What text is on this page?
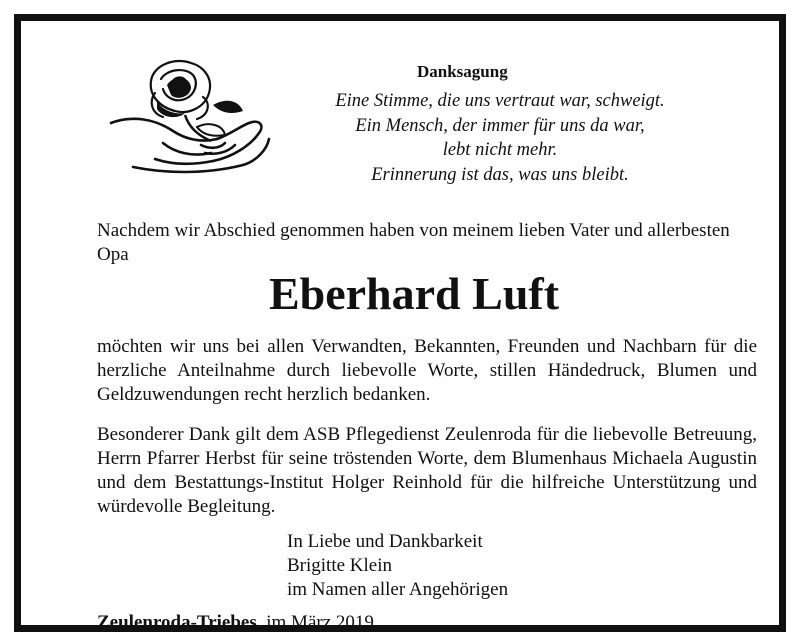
Danksagung
Eine Stimme, die uns vertraut war, schweigt.
Ein Mensch, der immer für uns da war,
lebt nicht mehr.
Erinnerung ist das, was uns bleibt.
Nachdem wir Abschied genommen haben von meinem lieben Vater und allerbesten Opa
Eberhard Luft
möchten wir uns bei allen Verwandten, Bekannten, Freunden und Nachbarn für die herzliche Anteilnahme durch liebevolle Worte, stillen Händedruck, Blumen und Geldzuwendungen recht herzlich bedanken.
Besonderer Dank gilt dem ASB Pflegedienst Zeulenroda für die liebevolle Betreuung, Herrn Pfarrer Herbst für seine tröstenden Worte, dem Blumenhaus Michaela Augustin und dem Bestattungs-Institut Holger Reinhold für die hilfreiche Unterstützung und würdevolle Begleitung.
In Liebe und Dankbarkeit
Brigitte Klein
im Namen aller Angehörigen
Zeulenroda-Triebes, im März 2019
